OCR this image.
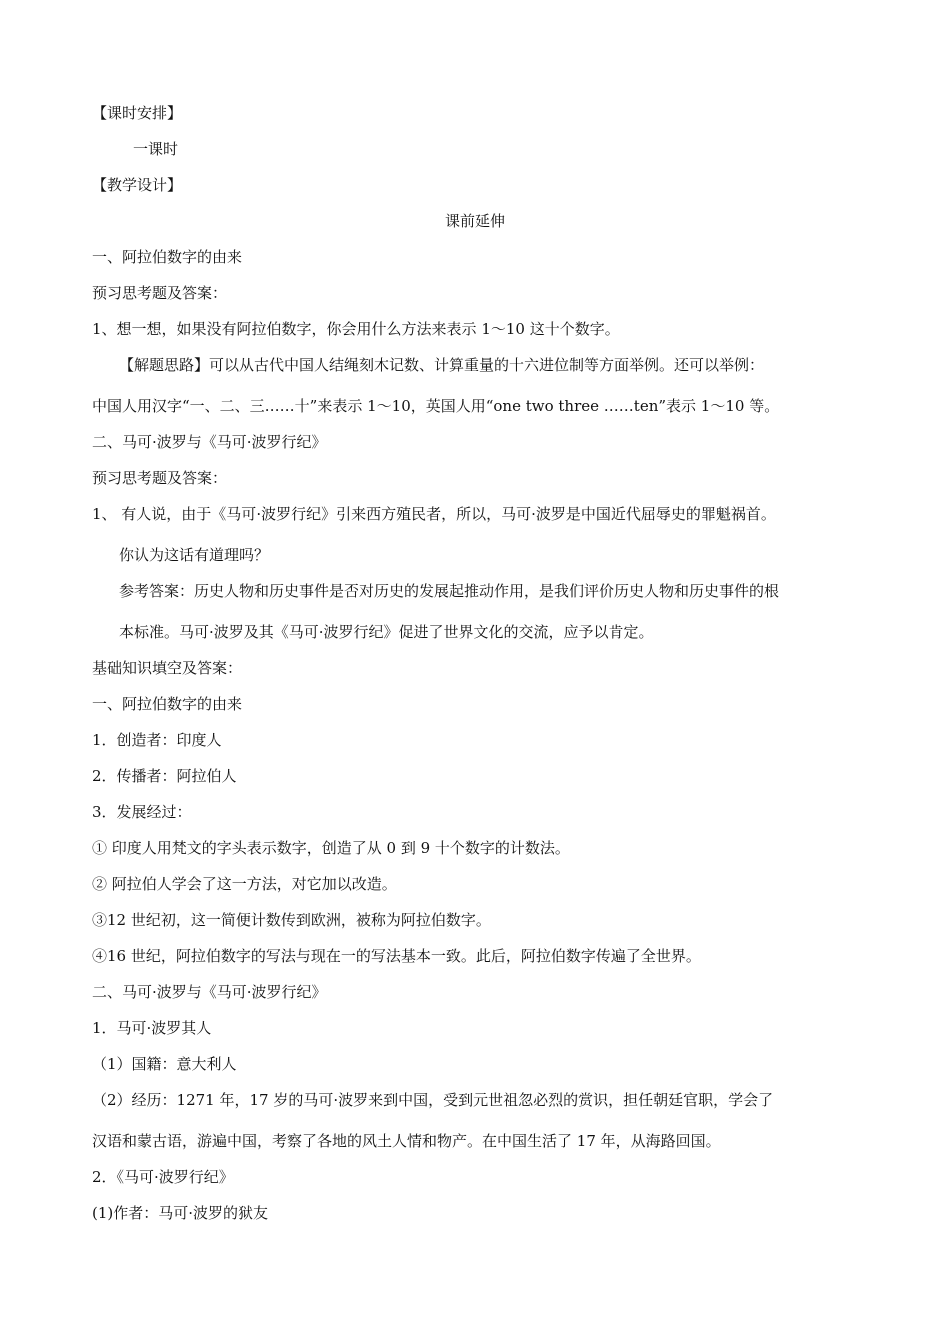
【课时安排】
一课时
【教学设计】
课前延伸
一、阿拉伯数字的由来
预习思考题及答案：
1、想一想，如果没有阿拉伯数字，你会用什么方法来表示 1～10 这十个数字。
【解题思路】可以从古代中国人结绳刻木记数、计算重量的十六进位制等方面举例。还可以举例：
中国人用汉字“一、二、三……十”来表示 1～10，英国人用“one two three ……ten”表示 1～10 等。
二、马可·波罗与《马可·波罗行纪》
预习思考题及答案：
1、 有人说，由于《马可·波罗行纪》引来西方殖民者，所以，马可·波罗是中国近代屈辱史的罪魁祸首。
你认为这话有道理吗？
参考答案：历史人物和历史事件是否对历史的发展起推动作用，是我们评价历史人物和历史事件的根
本标准。马可·波罗及其《马可·波罗行纪》促进了世界文化的交流，应予以肯定。
基础知识填空及答案：
一、阿拉伯数字的由来
1．创造者：印度人
2．传播者：阿拉伯人
3．发展经过：
① 印度人用梵文的字头表示数字，创造了从 0 到 9 十个数字的计数法。
② 阿拉伯人学会了这一方法，对它加以改造。
③12 世纪初，这一简便计数传到欧洲，被称为阿拉伯数字。
④16 世纪，阿拉伯数字的写法与现在一的写法基本一致。此后，阿拉伯数字传遍了全世界。
二、马可·波罗与《马可·波罗行纪》
1．马可·波罗其人
（1）国籍：意大利人
（2）经历：1271 年，17 岁的马可·波罗来到中国，受到元世祖忽必烈的赏识，担任朝廷官职，学会了
汉语和蒙古语，游遍中国，考察了各地的风土人情和物产。在中国生活了 17 年，从海路回国。
2．《马可·波罗行纪》
(1)作者：马可·波罗的狱友
